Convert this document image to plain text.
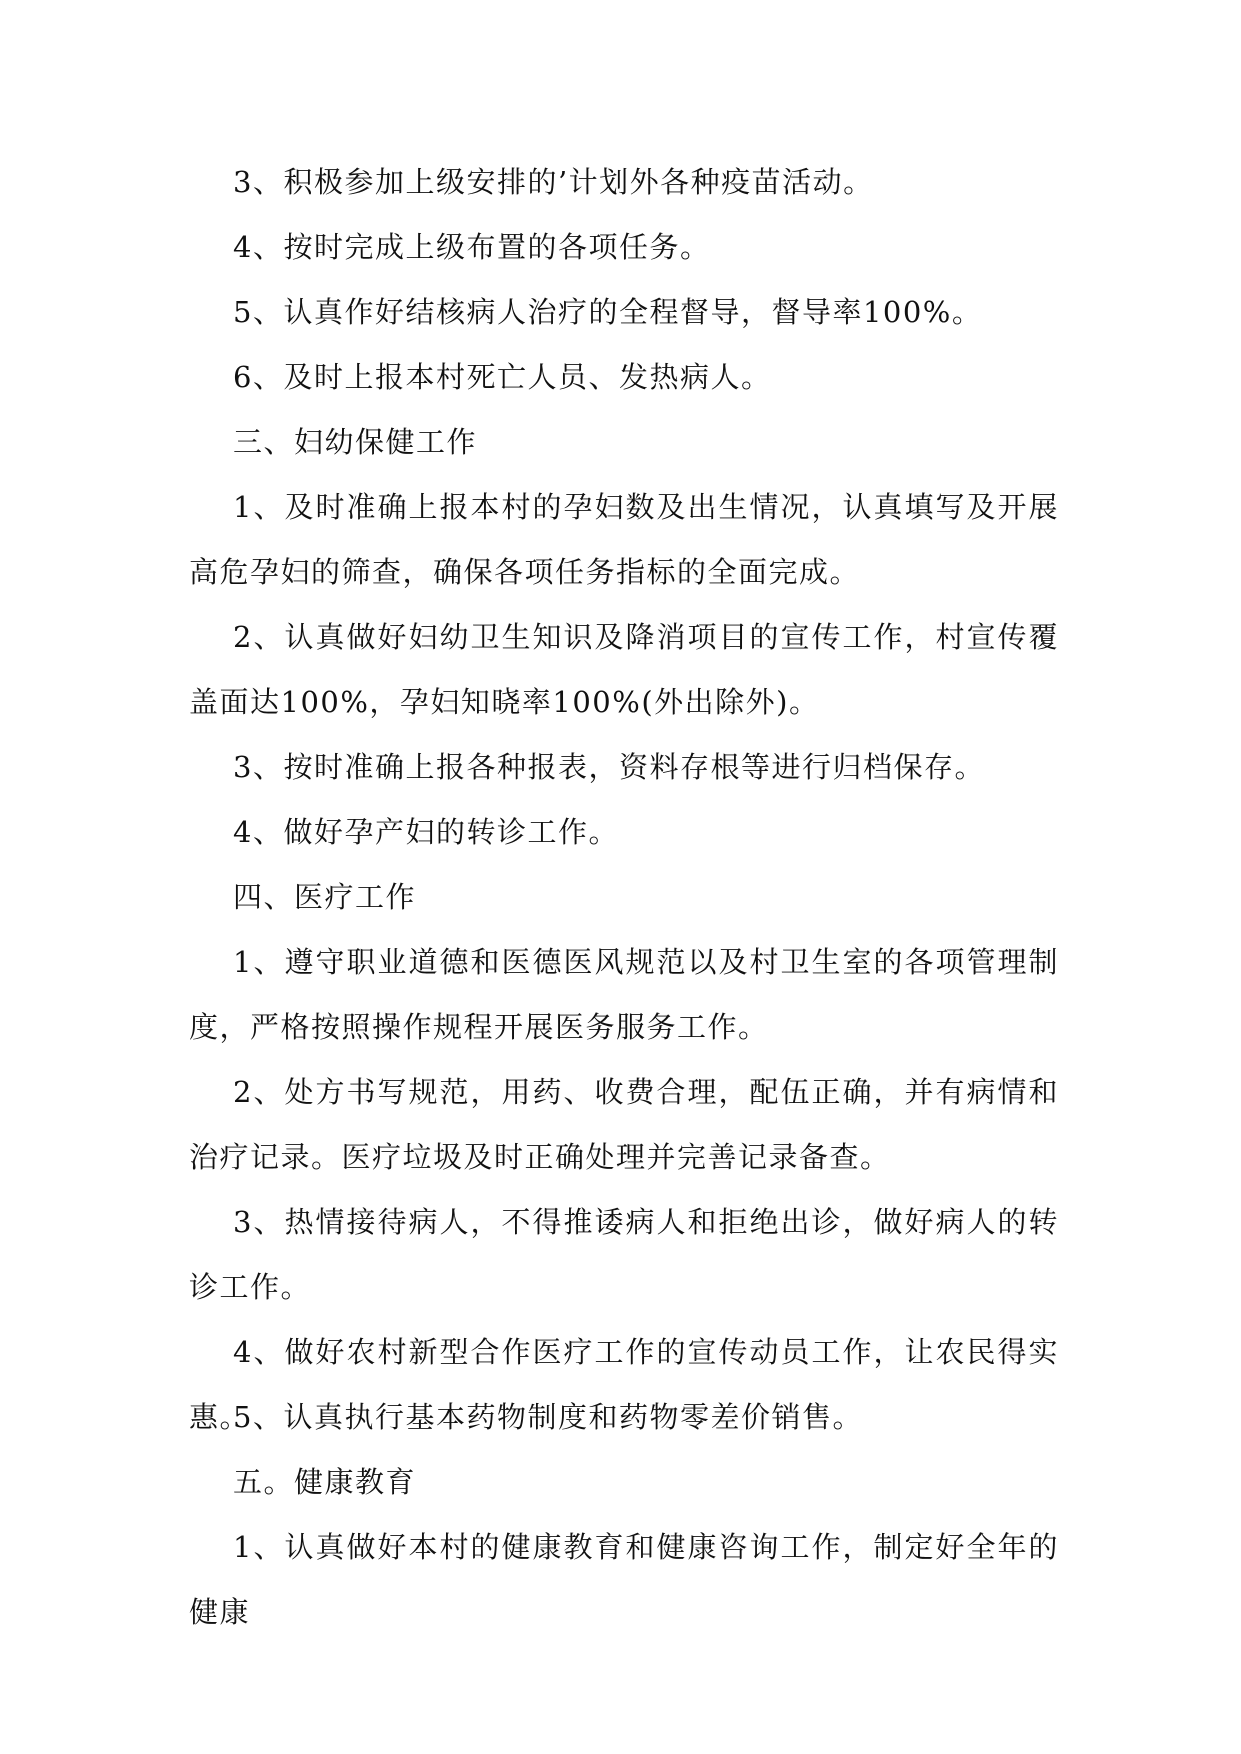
3、积极参加上级安排的’计划外各种疫苗活动。

4、按时完成上级布置的各项任务。

5、认真作好结核病人治疗的全程督导，督导率100%。

6、及时上报本村死亡人员、发热病人。

三、妇幼保健工作

1、及时准确上报本村的孕妇数及出生情况，认真填写及开展高危孕妇的筛查，确保各项任务指标的全面完成。

2、认真做好妇幼卫生知识及降消项目的宣传工作，村宣传覆盖面达100%，孕妇知晓率100%(外出除外)。

3、按时准确上报各种报表，资料存根等进行归档保存。

4、做好孕产妇的转诊工作。

四、医疗工作

1、遵守职业道德和医德医风规范以及村卫生室的各项管理制度，严格按照操作规程开展医务服务工作。

2、处方书写规范，用药、收费合理，配伍正确，并有病情和治疗记录。医疗垃圾及时正确处理并完善记录备查。

3、热情接待病人，不得推诿病人和拒绝出诊，做好病人的转诊工作。

4、做好农村新型合作医疗工作的宣传动员工作，让农民得实惠。

5、认真执行基本药物制度和药物零差价销售。

五。健康教育

1、认真做好本村的健康教育和健康咨询工作，制定好全年的健康
